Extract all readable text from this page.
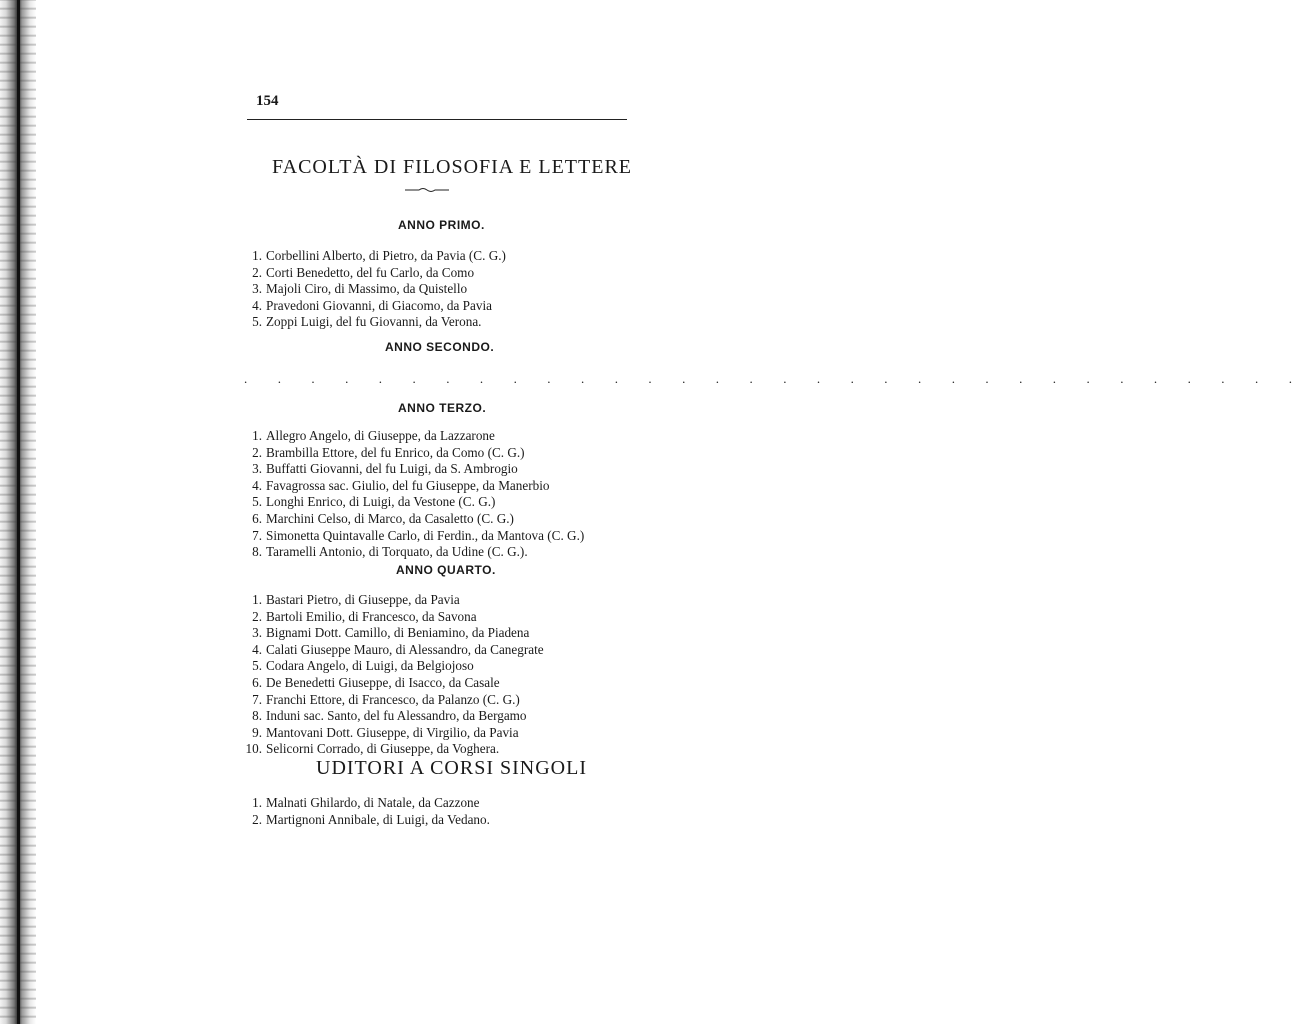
154
FACOLTÀ DI FILOSOFIA E LETTERE
ANNO PRIMO.
1. Corbellini Alberto, di Pietro, da Pavia (C. G.)
2. Corti Benedetto, del fu Carlo, da Como
3. Majoli Ciro, di Massimo, da Quistello
4. Pravedoni Giovanni, di Giacomo, da Pavia
5. Zoppi Luigi, del fu Giovanni, da Verona.
ANNO SECONDO.
. . . . . . . . . . . . . . . . . . . . . . . . . . . . . . . .
ANNO TERZO.
1. Allegro Angelo, di Giuseppe, da Lazzarone
2. Brambilla Ettore, del fu Enrico, da Como (C. G.)
3. Buffatti Giovanni, del fu Luigi, da S. Ambrogio
4. Favagrossa sac. Giulio, del fu Giuseppe, da Manerbio
5. Longhi Enrico, di Luigi, da Vestone (C. G.)
6. Marchini Celso, di Marco, da Casaletto (C. G.)
7. Simonetta Quintavalle Carlo, di Ferdin., da Mantova (C. G.)
8. Taramelli Antonio, di Torquato, da Udine (C. G.).
ANNO QUARTO.
1. Bastari Pietro, di Giuseppe, da Pavia
2. Bartoli Emilio, di Francesco, da Savona
3. Bignami Dott. Camillo, di Beniamino, da Piadena
4. Calati Giuseppe Mauro, di Alessandro, da Canegrate
5. Codara Angelo, di Luigi, da Belgiojoso
6. De Benedetti Giuseppe, di Isacco, da Casale
7. Franchi Ettore, di Francesco, da Palanzo (C. G.)
8. Induni sac. Santo, del fu Alessandro, da Bergamo
9. Mantovani Dott. Giuseppe, di Virgilio, da Pavia
10. Selicorni Corrado, di Giuseppe, da Voghera.
UDITORI A CORSI SINGOLI
1. Malnati Ghilardo, di Natale, da Cazzone
2. Martignoni Annibale, di Luigi, da Vedano.
